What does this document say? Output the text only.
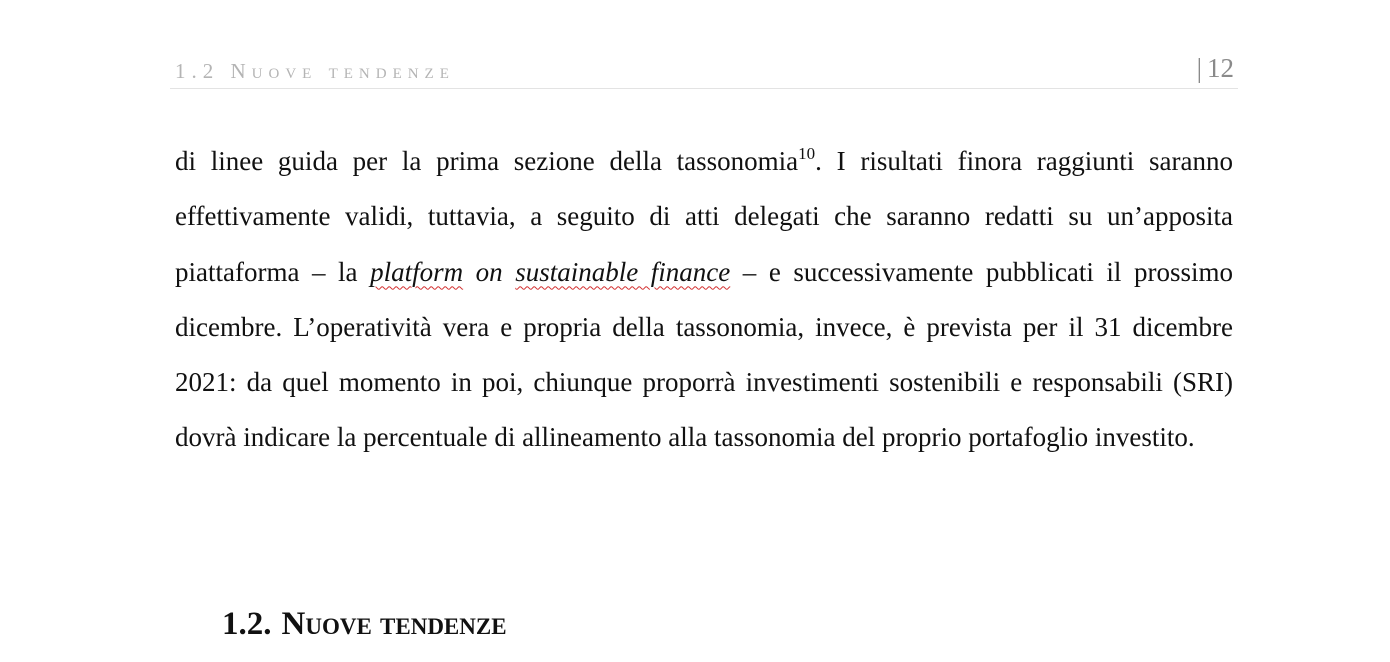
1.2 Nuove tendenze	| 12

di linee guida per la prima sezione della tassonomia$^{10}$. I risultati finora raggiunti saranno effettivamente validi, tuttavia, a seguito di atti delegati che saranno redatti su un’apposita piattaforma – la platform on sustainable finance – e successivamente pubblicati il prossimo dicembre. L’operatività vera e propria della tassonomia, invece, è prevista per il 31 dicembre 2021: da quel momento in poi, chiunque proporrà investimenti sostenibili e responsabili (SRI) dovrà indicare la percentuale di allineamento alla tassonomia del proprio portafoglio investito.

1.2. Nuove tendenze
